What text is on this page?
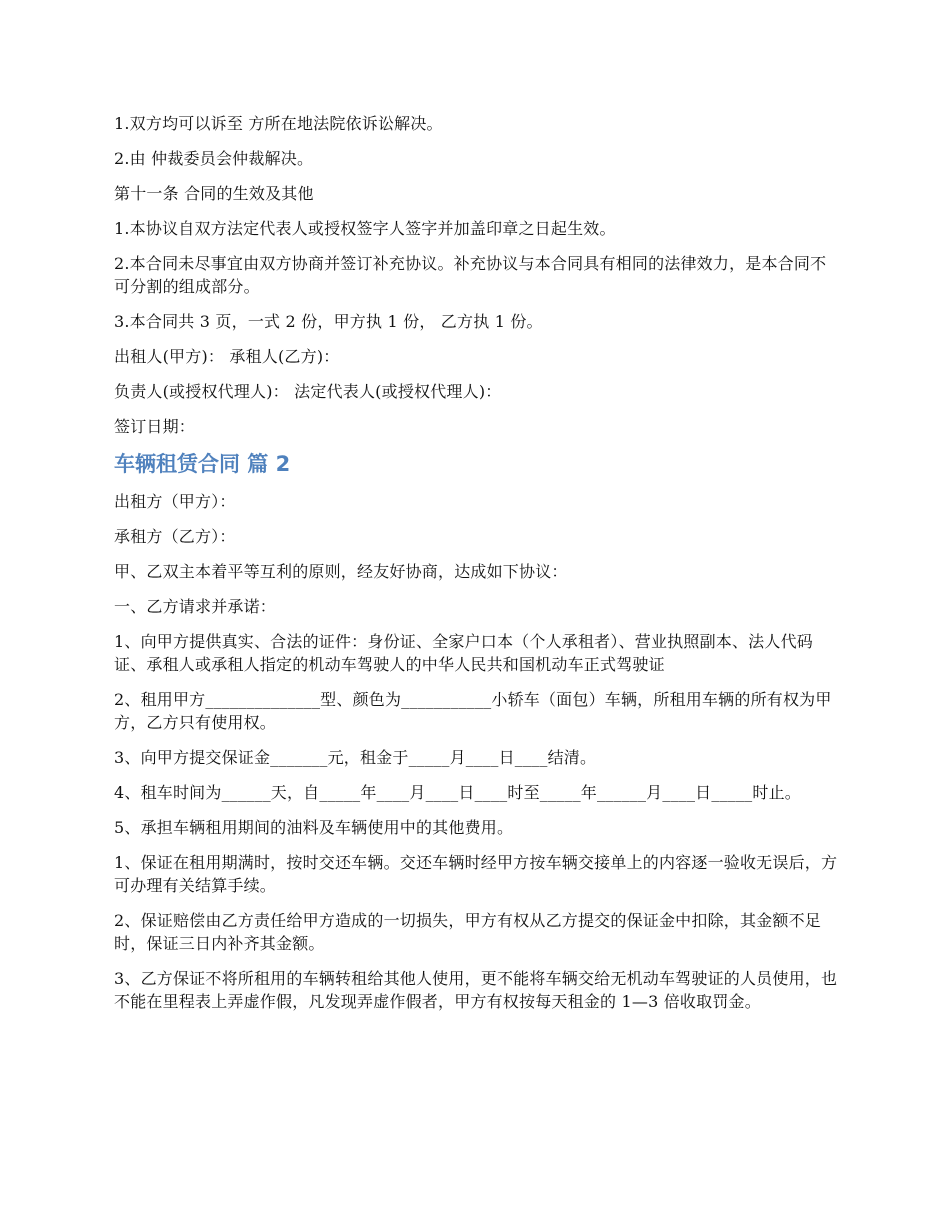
1.双方均可以诉至 方所在地法院依诉讼解决。

2.由 仲裁委员会仲裁解决。

第十一条 合同的生效及其他

1.本协议自双方法定代表人或授权签字人签字并加盖印章之日起生效。

2.本合同未尽事宜由双方协商并签订补充协议。补充协议与本合同具有相同的法律效力，是本合同不可分割的组成部分。

3.本合同共 3 页，一式 2 份，甲方执 1 份， 乙方执 1 份。

出租人(甲方)： 承租人(乙方)：

负责人(或授权代理人)： 法定代表人(或授权代理人)：

签订日期：

车辆租赁合同 篇 2

出租方（甲方）：

承租方（乙方）：

甲、乙双主本着平等互利的原则，经友好协商，达成如下协议：

一、乙方请求并承诺：

1、向甲方提供真实、合法的证件：身份证、全家户口本（个人承租者）、营业执照副本、法人代码证、承租人或承租人指定的机动车驾驶人的中华人民共和国机动车正式驾驶证

2、租用甲方______________型、颜色为___________小轿车（面包）车辆，所租用车辆的所有权为甲方，乙方只有使用权。

3、向甲方提交保证金_______元，租金于_____月____日____结清。

4、租车时间为______天，自_____年____月____日____时至_____年______月____日_____时止。

5、承担车辆租用期间的油料及车辆使用中的其他费用。

1、保证在租用期满时，按时交还车辆。交还车辆时经甲方按车辆交接单上的内容逐一验收无误后，方可办理有关结算手续。

2、保证赔偿由乙方责任给甲方造成的一切损失，甲方有权从乙方提交的保证金中扣除，其金额不足时，保证三日内补齐其金额。

3、乙方保证不将所租用的车辆转租给其他人使用，更不能将车辆交给无机动车驾驶证的人员使用，也不能在里程表上弄虚作假，凡发现弄虚作假者，甲方有权按每天租金的 1—3 倍收取罚金。
